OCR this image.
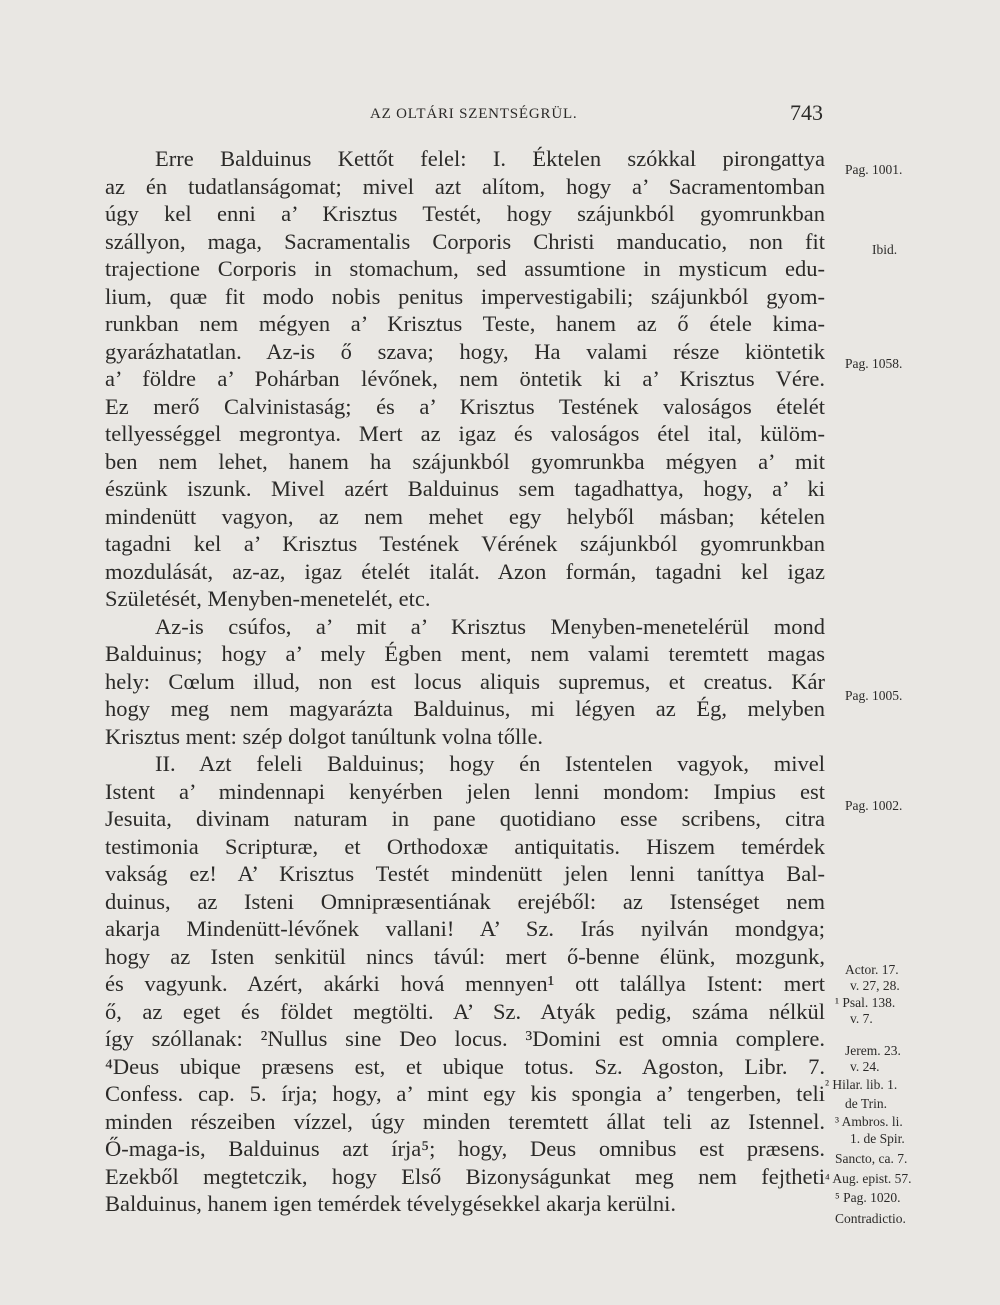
AZ OLTÁRI SZENTSÉGRÜL.	743
Erre Balduinus Kettőt felel: I. Éktelen szókkal pirongattya
az én tudatlanságomat; mivel azt alítom, hogy a’ Sacramentomban
úgy kel enni a’ Krisztus Testét, hogy szájunkból gyomrunkban
szállyon, maga, Sacramentalis Corporis Christi manducatio, non fit
trajectione Corporis in stomachum, sed assumtione in mysticum edu-
lium, quæ fit modo nobis penitus impervestigabili; szájunkból gyom-
runkban nem mégyen a’ Krisztus Teste, hanem az ő étele kima-
gyarázhatatlan. Az-is ő szava; hogy, Ha valami része kiöntetik
a’ földre a’ Pohárban lévőnek, nem öntetik ki a’ Krisztus Vére.
Ez merő Calvinistaság; és a’ Krisztus Testének valoságos ételét
tellyességgel megrontya. Mert az igaz és valoságos étel ital, külöm-
ben nem lehet, hanem ha szájunkból gyomrunkba mégyen a’ mit
észünk iszunk. Mivel azért Balduinus sem tagadhattya, hogy, a’ ki
mindenütt vagyon, az nem mehet egy helyből másban; kételen
tagadni kel a’ Krisztus Testének Vérének szájunkból gyomrunkban
mozdulását, az-az, igaz ételét italát. Azon formán, tagadni kel igaz
Születését, Menyben-menetelét, etc.
Az-is csúfos, a’ mit a’ Krisztus Menyben-menetelérül mond
Balduinus; hogy a’ mely Égben ment, nem valami teremtett magas
hely: Cœlum illud, non est locus aliquis supremus, et creatus. Kár
hogy meg nem magyarázta Balduinus, mi légyen az Ég, melyben
Krisztus ment: szép dolgot tanúltunk volna tőlle.
II. Azt feleli Balduinus; hogy én Istentelen vagyok, mivel
Istent a’ mindennapi kenyérben jelen lenni mondom: Impius est
Jesuita, divinam naturam in pane quotidiano esse scribens, citra
testimonia Scripturæ, et Orthodoxæ antiquitatis. Hiszem temérdek
vakság ez! A’ Krisztus Testét mindenütt jelen lenni taníttya Bal-
duinus, az Isteni Omnipræsentiának erejéből: az Istenséget nem
akarja Mindenütt-lévőnek vallani! A’ Sz. Irás nyilván mondgya;
hogy az Isten senkitül nincs távúl: mert ő-benne élünk, mozgunk,
és vagyunk. Azért, akárki hová mennyen¹ ott talállya Istent: mert
ő, az eget és földet megtölti. A’ Sz. Atyák pedig, száma nélkül
így szóllanak: ²Nullus sine Deo locus. ³Domini est omnia complere.
⁴Deus ubique præsens est, et ubique totus. Sz. Agoston, Libr. 7.
Confess. cap. 5. írja; hogy, a’ mint egy kis spongia a’ tengerben, teli
minden részeiben vízzel, úgy minden teremtett állat teli az Istennel.
Ő-maga-is, Balduinus azt írja⁵; hogy, Deus omnibus est præsens.
Ezekből megtetczik, hogy Első Bizonyságunkat meg nem fejtheti
Balduinus, hanem igen temérdek tévelygésekkel akarja kerülni.
Pag. 1001.
Ibid.
Pag. 1058.
Pag. 1005.
Pag. 1002.
Actor. 17.
v. 27, 28.
¹ Psal. 138.
v. 7.
Jerem. 23.
v. 24.
² Hilar. lib. 1.
de Trin.
³ Ambros. li.
1. de Spir.
Sancto, ca. 7.
⁴ Aug. epist. 57.
⁵ Pag. 1020.
Contradictio.
